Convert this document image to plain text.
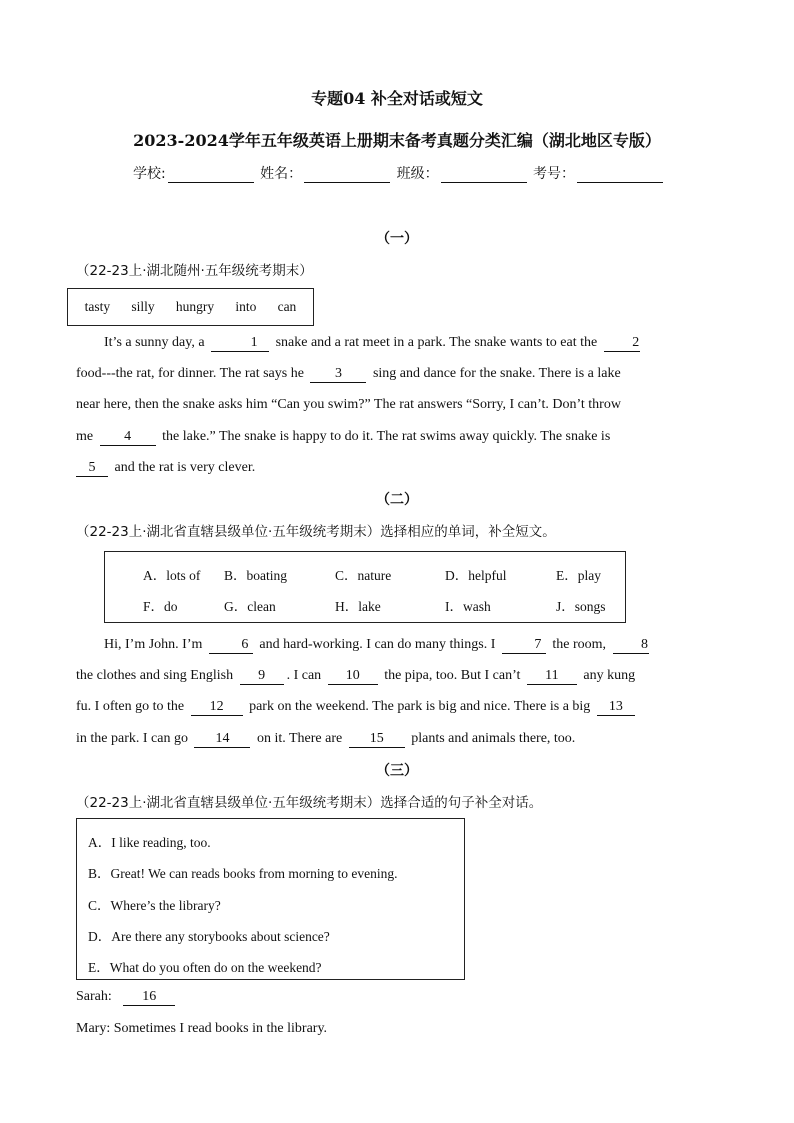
专题04 补全对话或短文
2023-2024学年五年级英语上册期末备考真题分类汇编（湖北地区专版）
学校:	姓名：	班级：	考号：
（一）
（22-23上·湖北随州·五年级统考期末）
tasty silly hungry into can
It’s a sunny day, a	1 snake and a rat meet in a park. The snake wants to eat the	2
food---the rat, for dinner. The rat says he 3 sing and dance for the snake. There is a lake
near here, then the snake asks him “Can you swim?” The rat answers “Sorry, I can’t. Don’t throw
me 4 the lake.” The snake is happy to do it. The rat swims away quickly. The snake is
5 and the rat is very clever.
（二）
（22-23上·湖北省直辖县级单位·五年级统考期末）选择相应的单词，补全短文。
A．lots of B．boating	C．nature	D．helpful	E．play
F．do	G．clean	H．lake	I．wash	J．songs
Hi, I’m John. I’m	6 and hard-working. I can do many things. I	7 the room,	8
the clothes and sing English 9 . I can 10 the pipa, too. But I can’t 11 any kung
fu. I often go to the 12 park on the weekend. The park is big and nice. There is a big 13
in the park. I can go 14 on it. There are 15 plants and animals there, too.
（三）
（22-23上·湖北省直辖县级单位·五年级统考期末）选择合适的句子补全对话。
A．I like reading, too.
B．Great! We can reads books from morning to evening.
C．Where’s the library?
D．Are there any storybooks about science?
E．What do you often do on the weekend?
Sarah: 16
Mary: Sometimes I read books in the library.
